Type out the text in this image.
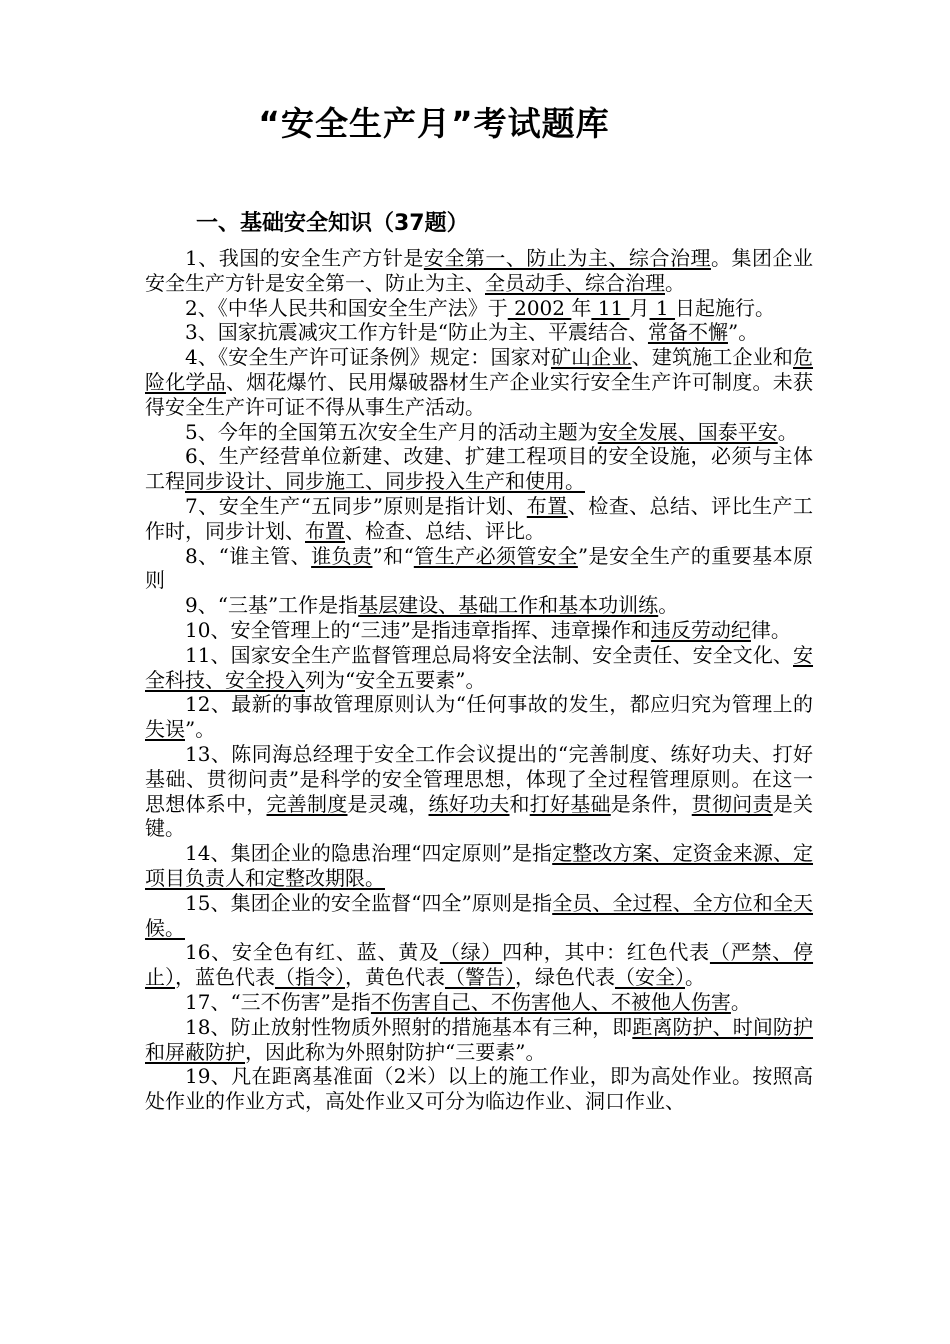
“安全生产月”考试题库
一、基础安全知识（37题）

1、我国的安全生产方针是安全第一、防止为主、综合治理。集团企业安全生产方针是安全第一、防止为主、全员动手、综合治理。

2、《中华人民共和国安全生产法》于 2002 年 11 月 1 日起施行。

3、国家抗震减灾工作方针是“防止为主、平震结合、常备不懈”。

4、《安全生产许可证条例》规定：国家对矿山企业、建筑施工企业和危险化学品、烟花爆竹、民用爆破器材生产企业实行安全生产许可制度。未获得安全生产许可证不得从事生产活动。

5、今年的全国第五次安全生产月的活动主题为安全发展、国泰平安。

6、生产经营单位新建、改建、扩建工程项目的安全设施，必须与主体工程同步设计、同步施工、同步投入生产和使用。

7、安全生产“五同步”原则是指计划、布置、检查、总结、评比生产工作时，同步计划、布置、检查、总结、评比。

8、“谁主管、谁负责”和“管生产必须管安全”是安全生产的重要基本原则

9、“三基”工作是指基层建设、基础工作和基本功训练。

10、安全管理上的“三违”是指违章指挥、违章操作和违反劳动纪律。

11、国家安全生产监督管理总局将安全法制、安全责任、安全文化、安全科技、安全投入列为“安全五要素”。

12、最新的事故管理原则认为“任何事故的发生，都应归究为管理上的失误”。

13、陈同海总经理于安全工作会议提出的“完善制度、练好功夫、打好基础、贯彻问责”是科学的安全管理思想，体现了全过程管理原则。在这一思想体系中，完善制度是灵魂，练好功夫和打好基础是条件，贯彻问责是关键。

14、集团企业的隐患治理“四定原则”是指定整改方案、定资金来源、定项目负责人和定整改期限。

15、集团企业的安全监督“四全”原则是指全员、全过程、全方位和全天候。

16、安全色有红、蓝、黄及（绿）四种，其中：红色代表（严禁、停止），蓝色代表（指令），黄色代表（警告），绿色代表（安全）。

17、“三不伤害”是指不伤害自己、不伤害他人、不被他人伤害。

18、防止放射性物质外照射的措施基本有三种，即距离防护、时间防护和屏蔽防护，因此称为外照射防护“三要素”。

19、凡在距离基准面（2米）以上的施工作业，即为高处作业。按照高处作业的作业方式，高处作业又可分为临边作业、洞口作业、
